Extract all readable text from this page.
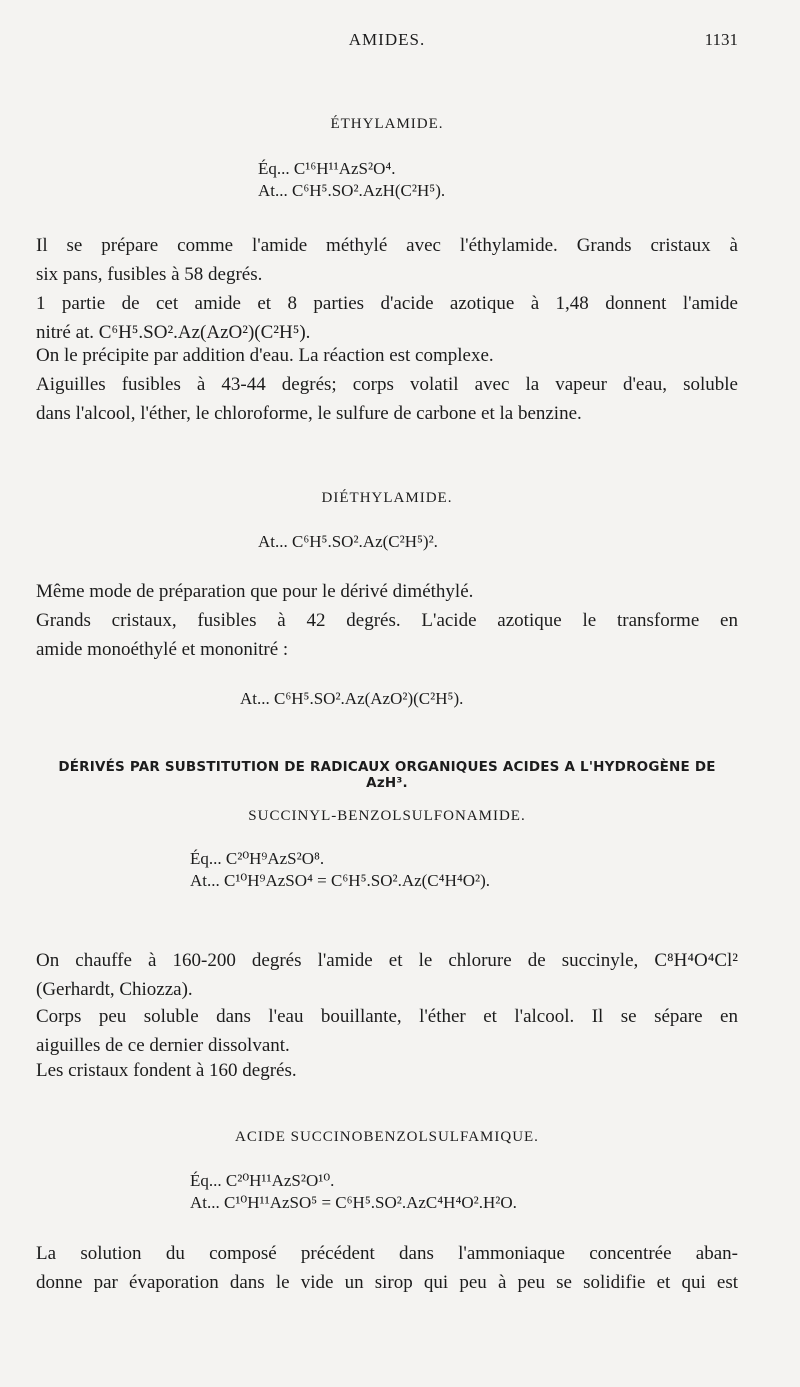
AMIDES.	1131
ÉTHYLAMIDE.
Éq... C¹⁶H¹¹AzS²O⁴.
At... C⁶H⁵.SO².AzH(C²H⁵).

Il se prépare comme l'amide méthylé avec l'éthylamide. Grands cristaux à
six pans, fusibles à 58 degrés.

1 partie de cet amide et 8 parties d'acide azotique à 1,48 donnent l'amide
nitré at. C⁶H⁵.SO².Az(AzO²)(C²H⁵).

On le précipite par addition d'eau. La réaction est complexe.

Aiguilles fusibles à 43-44 degrés; corps volatil avec la vapeur d'eau, soluble
dans l'alcool, l'éther, le chloroforme, le sulfure de carbone et la benzine.

DIÉTHYLAMIDE.
At... C⁶H⁵.SO².Az(C²H⁵)².

Même mode de préparation que pour le dérivé diméthylé.

Grands cristaux, fusibles à 42 degrés. L'acide azotique le transforme en
amide monoéthylé et mononitré :

At... C⁶H⁵.SO².Az(AzO²)(C²H⁵).
DÉRIVÉS PAR SUBSTITUTION DE RADICAUX ORGANIQUES ACIDES A L'HYDROGÈNE DE AzH³.
SUCCINYL-BENZOLSULFONAMIDE.
Éq... C²⁰H⁹AzS²O⁸.
At... C¹⁰H⁹AzSO⁴ = C⁶H⁵.SO².Az(C⁴H⁴O²).

On chauffe à 160-200 degrés l'amide et le chlorure de succinyle, C⁸H⁴O⁴Cl²
(Gerhardt, Chiozza).

Corps peu soluble dans l'eau bouillante, l'éther et l'alcool. Il se sépare en
aiguilles de ce dernier dissolvant.

Les cristaux fondent à 160 degrés.

ACIDE SUCCINOBENZOLSULFAMIQUE.
Éq... C²⁰H¹¹AzS²O¹⁰.
At... C¹⁰H¹¹AzSO⁵ = C⁶H⁵.SO².AzC⁴H⁴O².H²O.

La solution du composé précédent dans l'ammoniaque concentrée aban-
donne par évaporation dans le vide un sirop qui peu à peu se solidifie et qui est
